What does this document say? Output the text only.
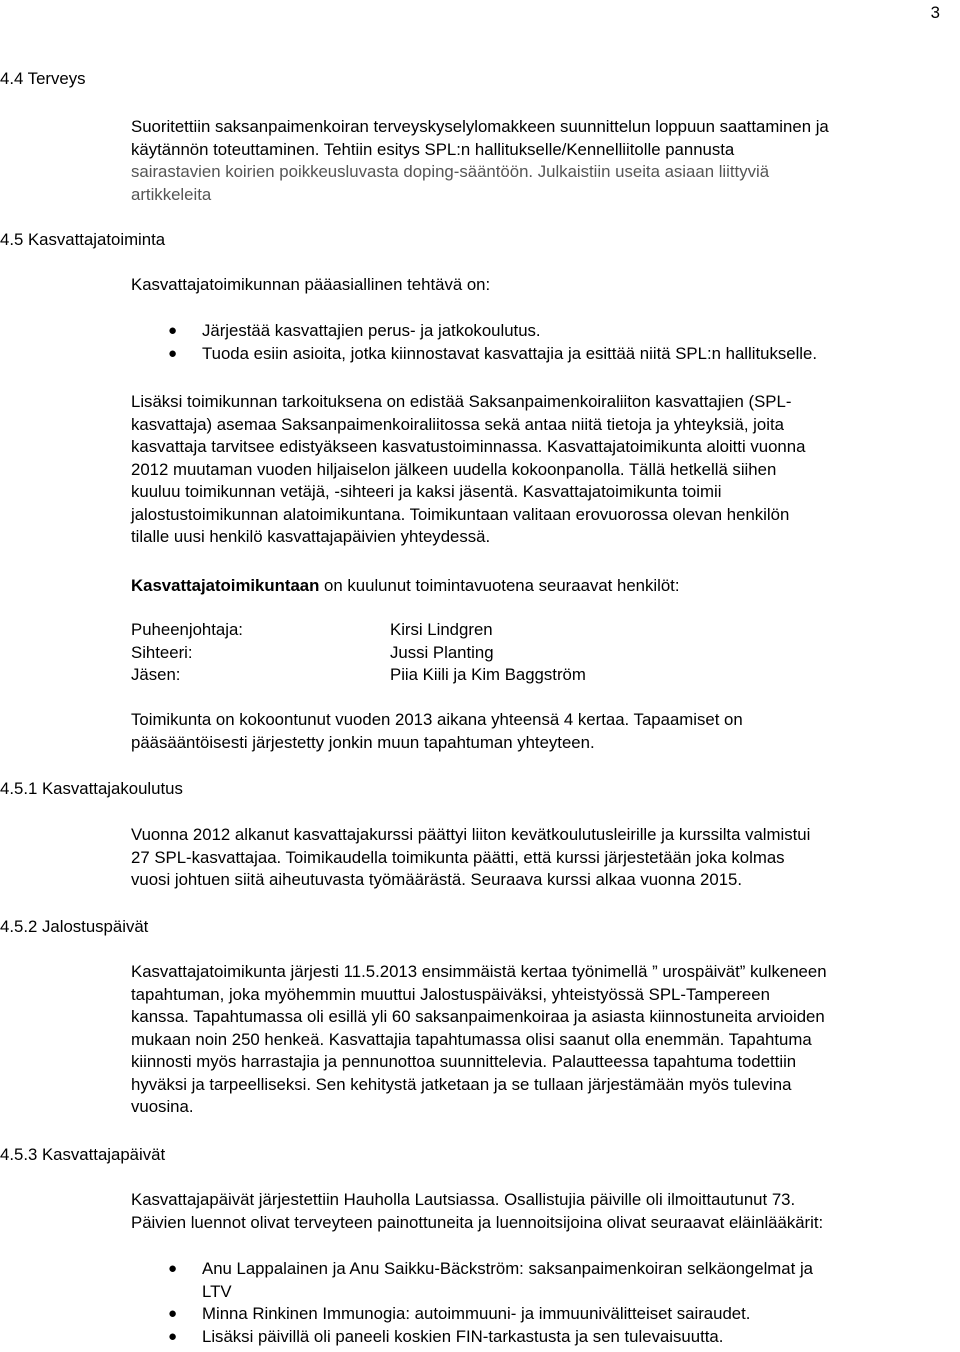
3
4.4 Terveys
4.5 Kasvattajatoiminta
4.5.1 Kasvattajakoulutus
4.5.2 Jalostuspäivät
4.5.3 Kasvattajapäivät
Suoritettiin saksanpaimenkoiran terveyskyselylomakkeen suunnittelun loppuun saattaminen ja
käytännön toteuttaminen. Tehtiin esitys SPL:n hallitukselle/Kennelliitolle pannusta
sairastavien koirien poikkeusluvasta doping-sääntöön. Julkaistiin useita asiaan liittyviä
artikkeleita
Kasvattajatoimikunnan pääasiallinen tehtävä on:
● Järjestää kasvattajien perus- ja jatkokoulutus.
● Tuoda esiin asioita, jotka kiinnostavat kasvattajia ja esittää niitä SPL:n hallitukselle.
Lisäksi toimikunnan tarkoituksena on edistää Saksanpaimenkoiraliiton kasvattajien (SPL-
kasvattaja) asemaa Saksanpaimenkoiraliitossa sekä antaa niitä tietoja ja yhteyksiä, joita
kasvattaja tarvitsee edistyäkseen kasvatustoiminnassa. Kasvattajatoimikunta aloitti vuonna
2012 muutaman vuoden hiljaiselon jälkeen uudella kokoonpanolla. Tällä hetkellä siihen
kuuluu toimikunnan vetäjä, -sihteeri ja kaksi jäsentä. Kasvattajatoimikunta toimii
jalostustoimikunnan alatoimikuntana. Toimikuntaan valitaan erovuorossa olevan henkilön
tilalle uusi henkilö kasvattajapäivien yhteydessä.
Kasvattajatoimikuntaan on kuulunut toimintavuotena seuraavat henkilöt:
Puheenjohtaja:	Kirsi Lindgren
Sihteeri:	Jussi Planting
Jäsen:	Piia Kiili ja Kim Baggström
Toimikunta on kokoontunut vuoden 2013 aikana yhteensä 4 kertaa. Tapaamiset on
pääsääntöisesti järjestetty jonkin muun tapahtuman yhteyteen.
Vuonna 2012 alkanut kasvattajakurssi päättyi liiton kevätkoulutusleirille ja kurssilta valmistui
27 SPL-kasvattajaa. Toimikaudella toimikunta päätti, että kurssi järjestetään joka kolmas
vuosi johtuen siitä aiheutuvasta työmäärästä. Seuraava kurssi alkaa vuonna 2015.
Kasvattajatoimikunta järjesti 11.5.2013 ensimmäistä kertaa työnimellä ” urospäivät” kulkeneen
tapahtuman, joka myöhemmin muuttui Jalostuspäiväksi, yhteistyössä SPL-Tampereen
kanssa. Tapahtumassa oli esillä yli 60 saksanpaimenkoiraa ja asiasta kiinnostuneita arvioiden
mukaan noin 250 henkeä. Kasvattajia tapahtumassa olisi saanut olla enemmän. Tapahtuma
kiinnosti myös harrastajia ja pennunottoa suunnittelevia. Palautteessa tapahtuma todettiin
hyväksi ja tarpeelliseksi. Sen kehitystä jatketaan ja se tullaan järjestämään myös tulevina
vuosina.
Kasvattajapäivät järjestettiin Hauholla Lautsiassa. Osallistujia päiville oli ilmoittautunut 73.
Päivien luennot olivat terveyteen painottuneita ja luennoitsijoina olivat seuraavat eläinlääkärit:
● Anu Lappalainen ja Anu Saikku-Bäckström: saksanpaimenkoiran selkäongelmat ja
LTV
● Minna Rinkinen Immunogia: autoimmuuni- ja immuunivälitteiset sairaudet.
● Lisäksi päivillä oli paneeli koskien FIN-tarkastusta ja sen tulevaisuutta.
